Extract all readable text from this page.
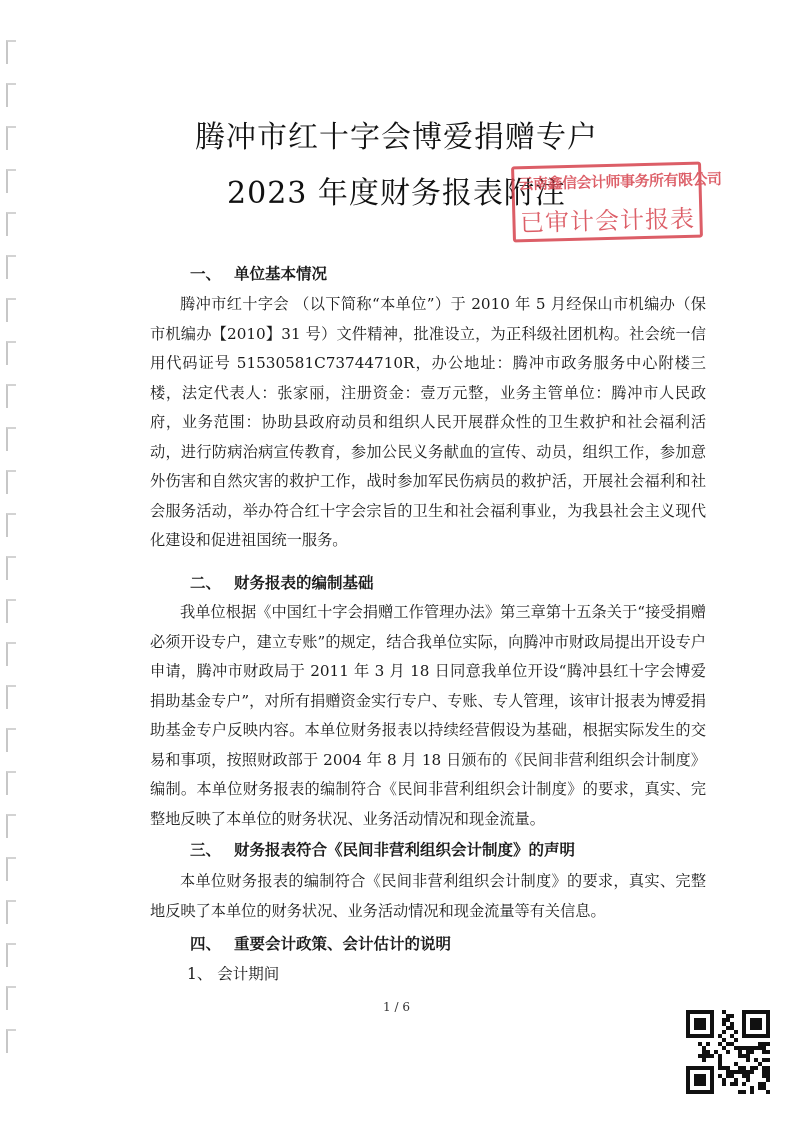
腾冲市红十字会博爱捐赠专户
2023 年度财务报表附注
云南鑫信会计师事务所有限公司
已审计会计报表
一、 单位基本情况

腾冲市红十字会 （以下简称“本单位”）于 2010 年 5 月经保山市机编办（保市机编办【2010】31 号）文件精神，批准设立，为正科级社团机构。社会统一信用代码证号 51530581C73744710R，办公地址：腾冲市政务服务中心附楼三楼，法定代表人：张家丽，注册资金：壹万元整，业务主管单位：腾冲市人民政府，业务范围：协助县政府动员和组织人民开展群众性的卫生救护和社会福利活动，进行防病治病宣传教育，参加公民义务献血的宣传、动员，组织工作，参加意外伤害和自然灾害的救护工作，战时参加军民伤病员的救护活，开展社会福利和社会服务活动，举办符合红十字会宗旨的卫生和社会福利事业，为我县社会主义现代化建设和促进祖国统一服务。

二、 财务报表的编制基础

我单位根据《中国红十字会捐赠工作管理办法》第三章第十五条关于“接受捐赠必须开设专户，建立专账”的规定，结合我单位实际，向腾冲市财政局提出开设专户申请，腾冲市财政局于 2011 年 3 月 18 日同意我单位开设“腾冲县红十字会博爱捐助基金专户”，对所有捐赠资金实行专户、专账、专人管理，该审计报表为博爱捐助基金专户反映内容。本单位财务报表以持续经营假设为基础，根据实际发生的交易和事项，按照财政部于 2004 年 8 月 18 日颁布的《民间非营利组织会计制度》编制。本单位财务报表的编制符合《民间非营利组织会计制度》的要求，真实、完整地反映了本单位的财务状况、业务活动情况和现金流量。

三、 财务报表符合《民间非营利组织会计制度》的声明

本单位财务报表的编制符合《民间非营利组织会计制度》的要求，真实、完整地反映了本单位的财务状况、业务活动情况和现金流量等有关信息。

四、 重要会计政策、会计估计的说明
1、 会计期间
1 / 6
